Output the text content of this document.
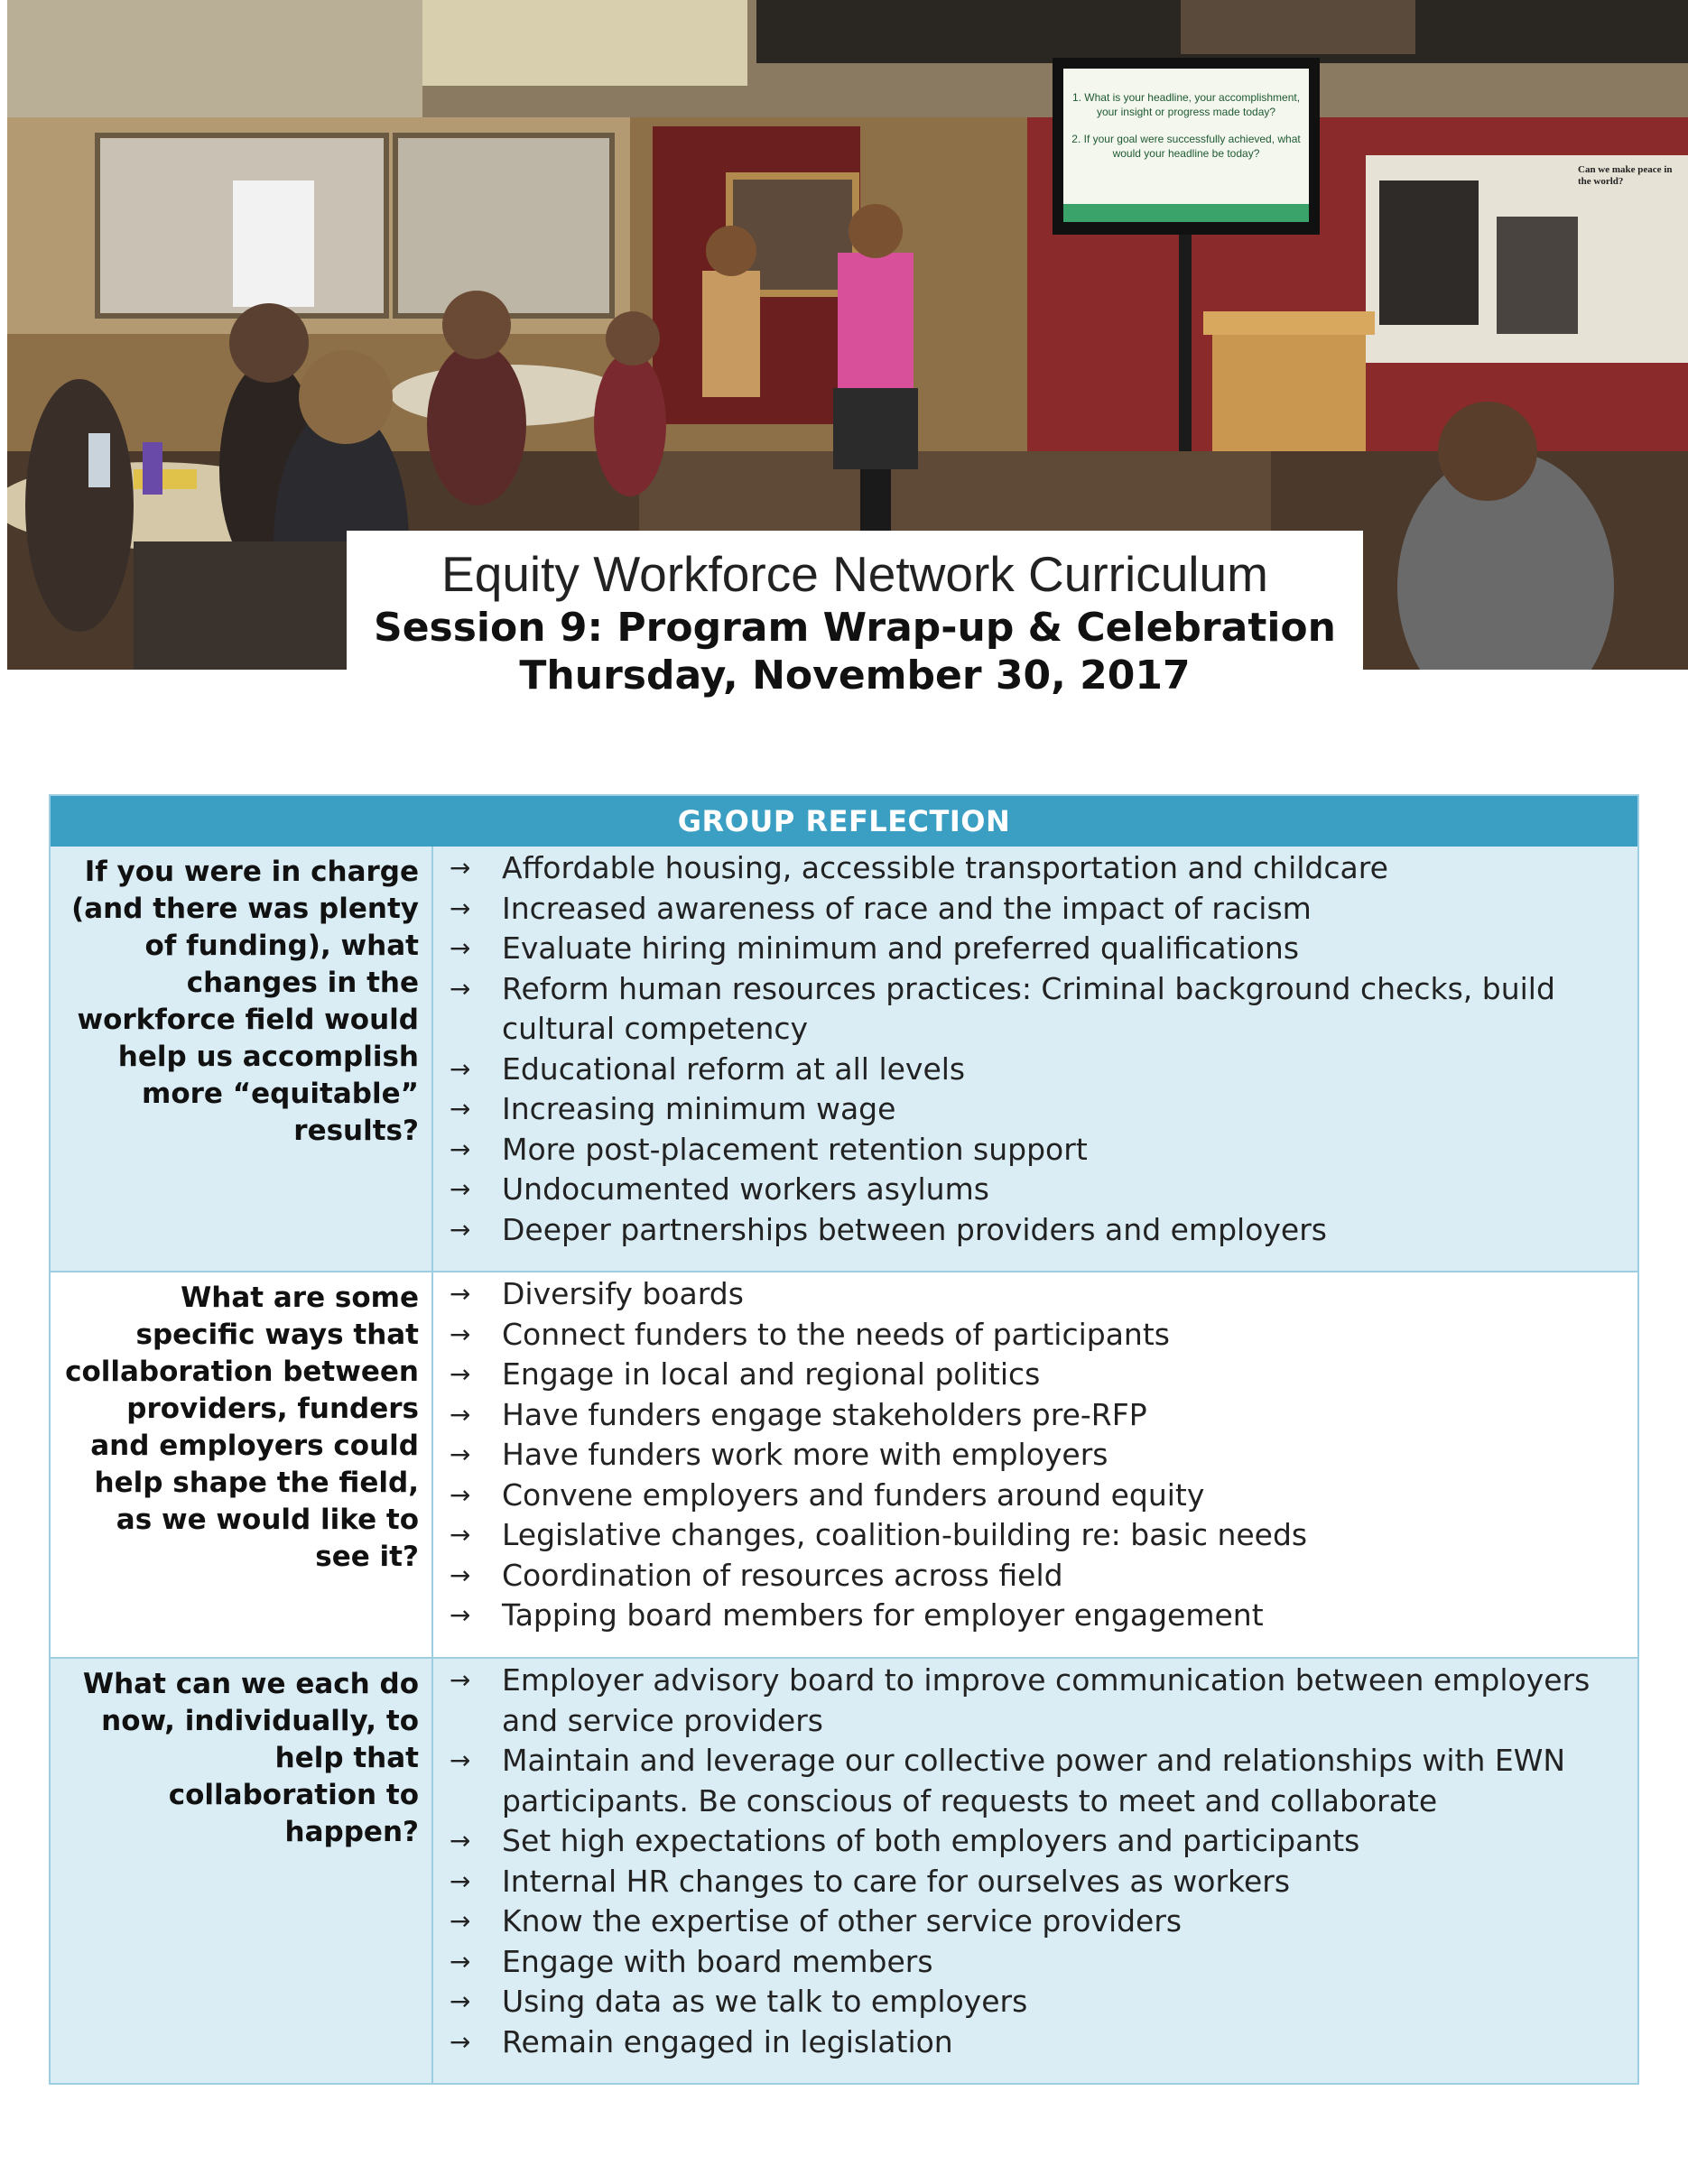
1. What is your headline, your accomplishment, your insight or progress made today?
2. If your goal were successfully achieved, what would your headline be today?
Can we make peace in the world?
Equity Workforce Network Curriculum
Session 9: Program Wrap-up & Celebration
Thursday, November 30, 2017
GROUP REFLECTION
If you were in charge (and there was plenty of funding), what changes in the workforce field would help us accomplish more “equitable” results?
→	Affordable housing, accessible transportation and childcare
→	Increased awareness of race and the impact of racism
→	Evaluate hiring minimum and preferred qualifications
→	Reform human resources practices: Criminal background checks, build cultural competency
→	Educational reform at all levels
→	Increasing minimum wage
→	More post-placement retention support
→	Undocumented workers asylums
→	Deeper partnerships between providers and employers
What are some specific ways that collaboration between providers, funders and employers could help shape the field, as we would like to see it?
→	Diversify boards
→	Connect funders to the needs of participants
→	Engage in local and regional politics
→	Have funders engage stakeholders pre-RFP
→	Have funders work more with employers
→	Convene employers and funders around equity
→	Legislative changes, coalition-building re: basic needs
→	Coordination of resources across field
→	Tapping board members for employer engagement
What can we each do now, individually, to help that collaboration to happen?
→	Employer advisory board to improve communication between employers and service providers
→	Maintain and leverage our collective power and relationships with EWN participants. Be conscious of requests to meet and collaborate
→	Set high expectations of both employers and participants
→	Internal HR changes to care for ourselves as workers
→	Know the expertise of other service providers
→	Engage with board members
→	Using data as we talk to employers
→	Remain engaged in legislation
